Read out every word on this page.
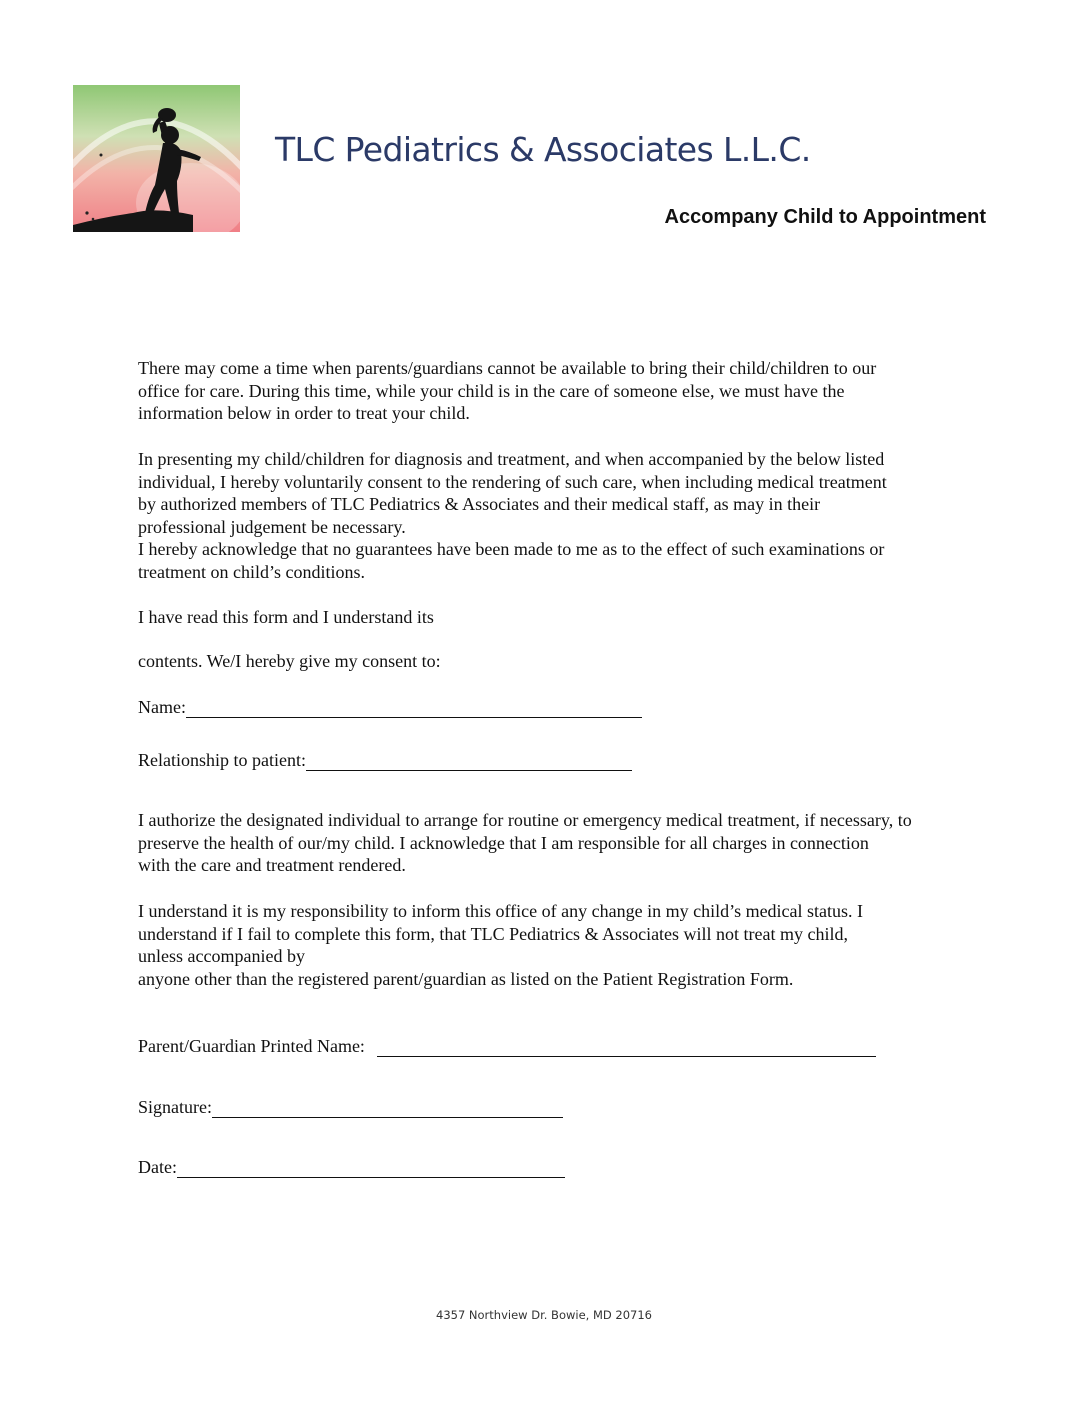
TLC Pediatrics & Associates L.L.C.
Accompany Child to Appointment
There may come a time when parents/guardians cannot be available to bring their child/children to our
office for care. During this time, while your child is in the care of someone else, we must have the
information below in order to treat your child.
In presenting my child/children for diagnosis and treatment, and when accompanied by the below listed
individual, I hereby voluntarily consent to the rendering of such care, when including medical treatment
by authorized members of TLC Pediatrics & Associates and their medical staff, as may in their
professional judgement be necessary.
I hereby acknowledge that no guarantees have been made to me as to the effect of such examinations or
treatment on child’s conditions.
I have read this form and I understand its
contents. We/I hereby give my consent to:
Name:
Relationship to patient:
I authorize the designated individual to arrange for routine or emergency medical treatment, if necessary, to
preserve the health of our/my child. I acknowledge that I am responsible for all charges in connection
with the care and treatment rendered.
I understand it is my responsibility to inform this office of any change in my child’s medical status. I
understand if I fail to complete this form, that TLC Pediatrics & Associates will not treat my child,
unless accompanied by
anyone other than the registered parent/guardian as listed on the Patient Registration Form.
Parent/Guardian Printed Name:
Signature:
Date:
4357 Northview Dr. Bowie, MD 20716
